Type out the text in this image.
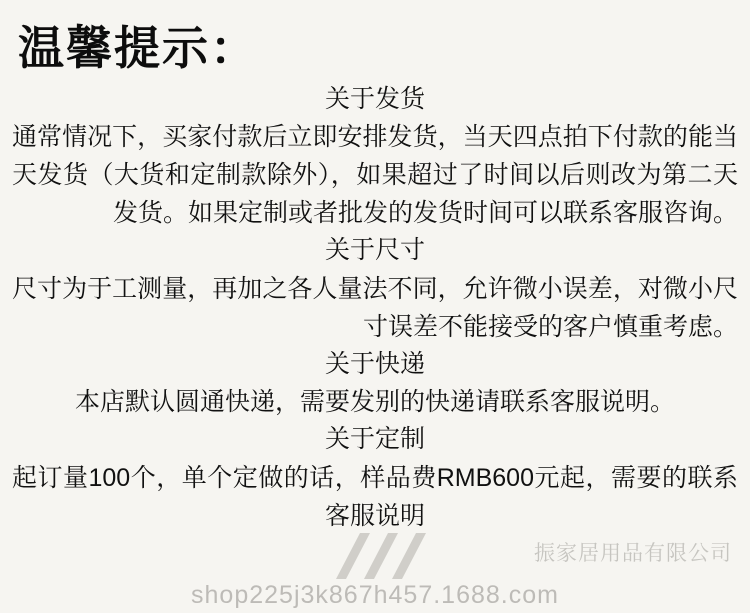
温馨提示：

关于发货

通常情况下，买家付款后立即安排发货，当天四点拍下付款的能当天发货（大货和定制款除外），如果超过了时间以后则改为第二天发货。如果定制或者批发的发货时间可以联系客服咨询。

关于尺寸

尺寸为于工测量，再加之各人量法不同，允许微小误差，对微小尺寸误差不能接受的客户慎重考虑。

关于快递

本店默认圆通快递，需要发别的快递请联系客服说明。

关于定制

起订量100个，单个定做的话，样品费RMB600元起，需要的联系客服说明

振家居用品有限公司
shop225j3k867h457.1688.com
